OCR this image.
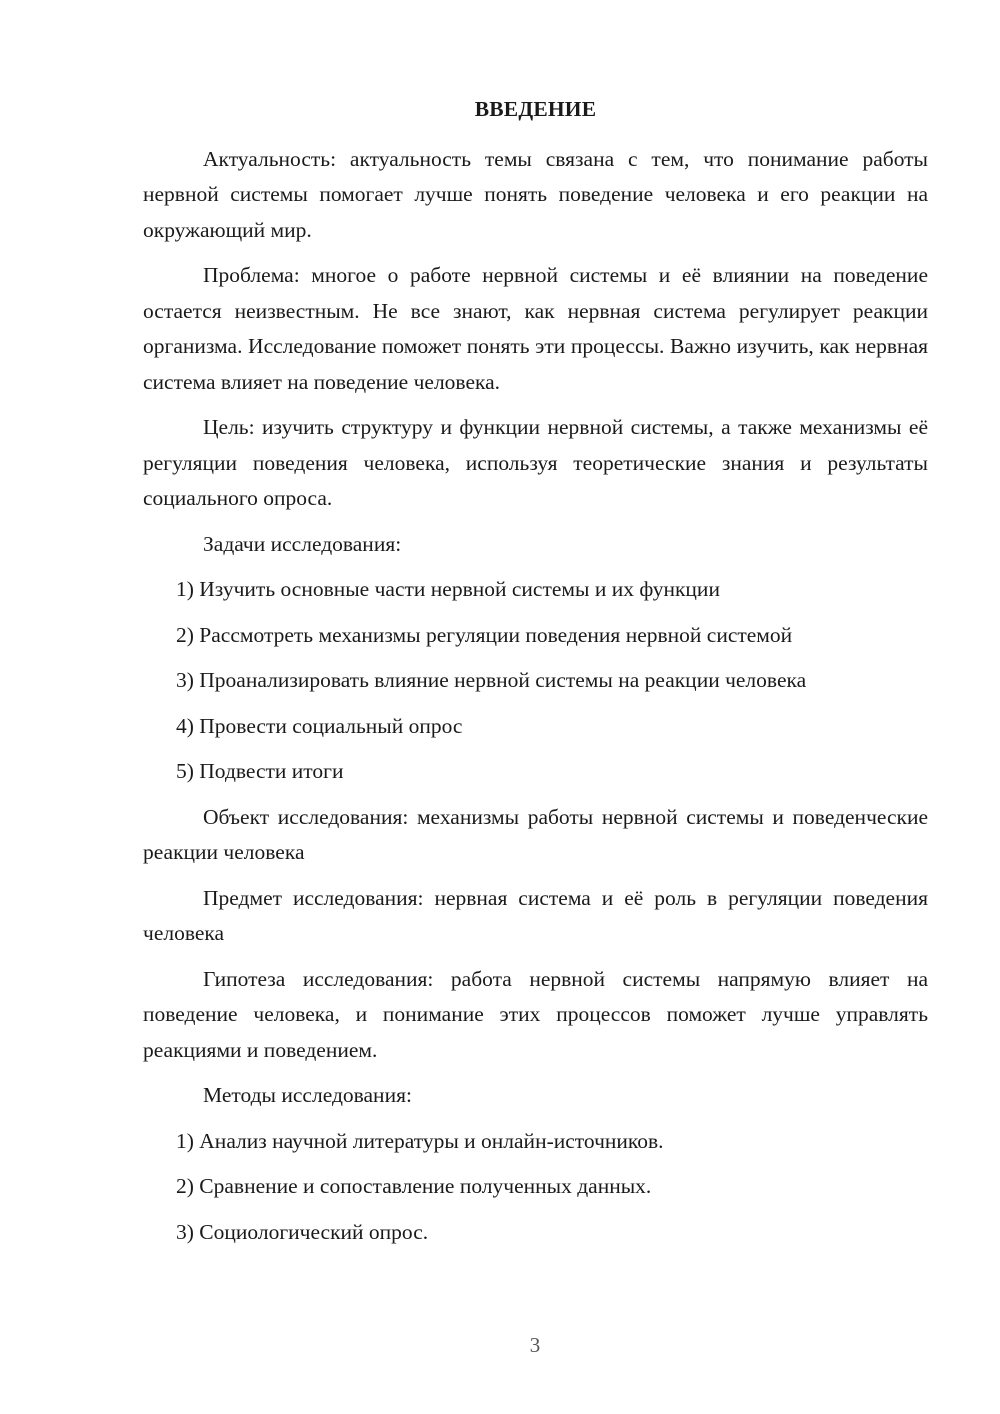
ВВЕДЕНИЕ

Актуальность: актуальность темы связана с тем, что понимание работы нервной системы помогает лучше понять поведение человека и его реакции на окружающий мир.

Проблема: многое о работе нервной системы и её влиянии на поведение остается неизвестным. Не все знают, как нервная система регулирует реакции организма. Исследование поможет понять эти процессы. Важно изучить, как нервная система влияет на поведение человека.

Цель: изучить структуру и функции нервной системы, а также механизмы её регуляции поведения человека, используя теоретические знания и результаты социального опроса.

Задачи исследования:

1) Изучить основные части нервной системы и их функции
2) Рассмотреть механизмы регуляции поведения нервной системой
3) Проанализировать влияние нервной системы на реакции человека
4) Провести социальный опрос
5) Подвести итоги

Объект исследования: механизмы работы нервной системы и поведенческие реакции человека

Предмет исследования: нервная система и её роль в регуляции поведения человека

Гипотеза исследования: работа нервной системы напрямую влияет на поведение человека, и понимание этих процессов поможет лучше управлять реакциями и поведением.

Методы исследования:

1) Анализ научной литературы и онлайн-источников.
2) Сравнение и сопоставление полученных данных.
3) Социологический опрос.
3
